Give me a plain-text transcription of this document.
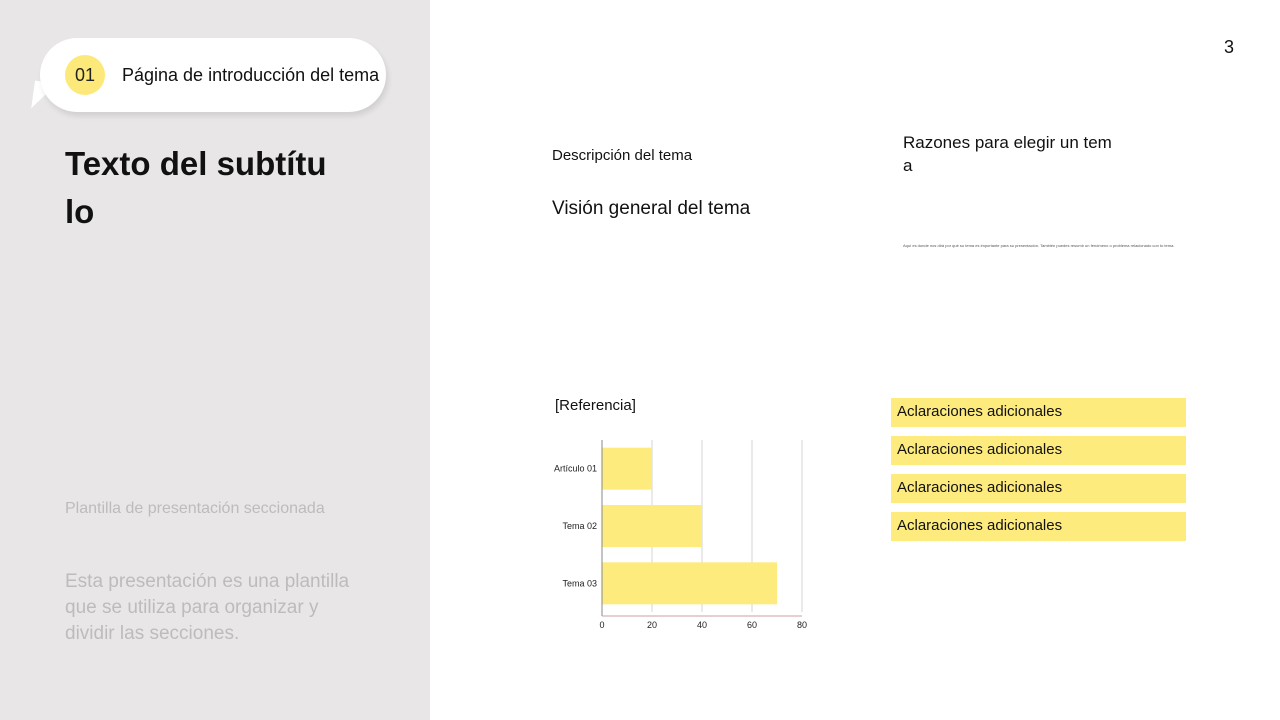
01	Página de introducción del tema
Texto del subtítulo
Plantilla de presentación seccionada
Esta presentación es una plantilla que se utiliza para organizar y dividir las secciones.
3
Descripción del tema
Visión general del tema
Razones para elegir un tema
Aquí es donde nos dirá por qué su tema es importante para su presentación. También puedes resumir un fenómeno o problema relacionado con tu tema.
[Referencia]
Artículo 01
Tema 02
Tema 03
0	20	40	60	80
Aclaraciones adicionales
Aclaraciones adicionales
Aclaraciones adicionales
Aclaraciones adicionales
